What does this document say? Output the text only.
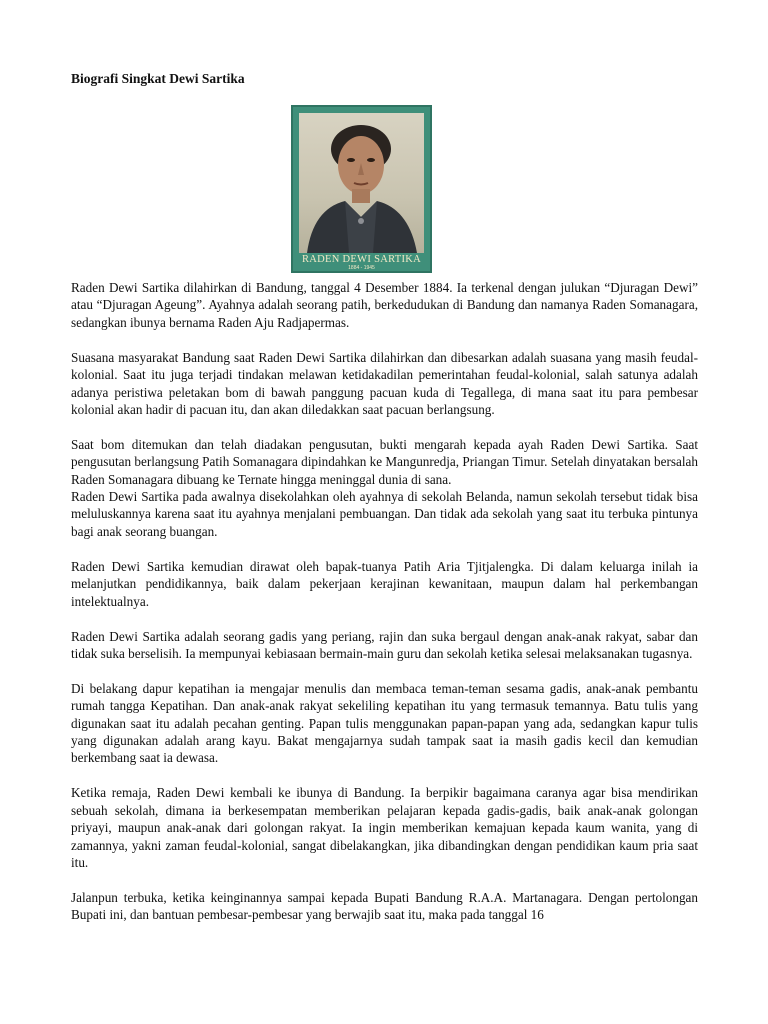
Biografi Singkat Dewi Sartika
RADEN DEWI SARTIKA
1884 - 1945

Raden Dewi Sartika dilahirkan di Bandung, tanggal 4 Desember 1884. Ia terkenal dengan julukan “Djuragan Dewi” atau “Djuragan Ageung”. Ayahnya adalah seorang patih, berkedudukan di Bandung dan namanya Raden Somanagara, sedangkan ibunya bernama Raden Aju Radjapermas.

Suasana masyarakat Bandung saat Raden Dewi Sartika dilahirkan dan dibesarkan adalah suasana yang masih feudal-kolonial. Saat itu juga terjadi tindakan melawan ketidakadilan pemerintahan feudal-kolonial, salah satunya adalah adanya peristiwa peletakan bom di bawah panggung pacuan kuda di Tegallega, di mana saat itu para pembesar kolonial akan hadir di pacuan itu, dan akan diledakkan saat pacuan berlangsung.

Saat bom ditemukan dan telah diadakan pengusutan, bukti mengarah kepada ayah Raden Dewi Sartika. Saat pengusutan berlangsung Patih Somanagara dipindahkan ke Mangunredja, Priangan Timur. Setelah dinyatakan bersalah Raden Somanagara dibuang ke Ternate hingga meninggal dunia di sana.

Raden Dewi Sartika pada awalnya disekolahkan oleh ayahnya di sekolah Belanda, namun sekolah tersebut tidak bisa meluluskannya karena saat itu ayahnya menjalani pembuangan. Dan tidak ada sekolah yang saat itu terbuka pintunya bagi anak seorang buangan.

Raden Dewi Sartika kemudian dirawat oleh bapak-tuanya Patih Aria Tjitjalengka. Di dalam keluarga inilah ia melanjutkan pendidikannya, baik dalam pekerjaan kerajinan kewanitaan, maupun dalam hal perkembangan intelektualnya.

Raden Dewi Sartika adalah seorang gadis yang periang, rajin dan suka bergaul dengan anak-anak rakyat, sabar dan tidak suka berselisih. Ia mempunyai kebiasaan bermain-main guru dan sekolah ketika selesai melaksanakan tugasnya.

Di belakang dapur kepatihan ia mengajar menulis dan membaca teman-teman sesama gadis, anak-anak pembantu rumah tangga Kepatihan. Dan anak-anak rakyat sekeliling kepatihan itu yang termasuk temannya. Batu tulis yang digunakan saat itu adalah pecahan genting. Papan tulis menggunakan papan-papan yang ada, sedangkan kapur tulis yang digunakan adalah arang kayu. Bakat mengajarnya sudah tampak saat ia masih gadis kecil dan kemudian berkembang saat ia dewasa.

Ketika remaja, Raden Dewi kembali ke ibunya di Bandung. Ia berpikir bagaimana caranya agar bisa mendirikan sebuah sekolah, dimana ia berkesempatan memberikan pelajaran kepada gadis-gadis, baik anak-anak golongan priyayi, maupun anak-anak dari golongan rakyat. Ia ingin memberikan kemajuan kepada kaum wanita, yang di zamannya, yakni zaman feudal-kolonial, sangat dibelakangkan, jika dibandingkan dengan pendidikan kaum pria saat itu.

Jalanpun terbuka, ketika keinginannya sampai kepada Bupati Bandung R.A.A. Martanagara. Dengan pertolongan Bupati ini, dan bantuan pembesar-pembesar yang berwajib saat itu, maka pada tanggal 16
